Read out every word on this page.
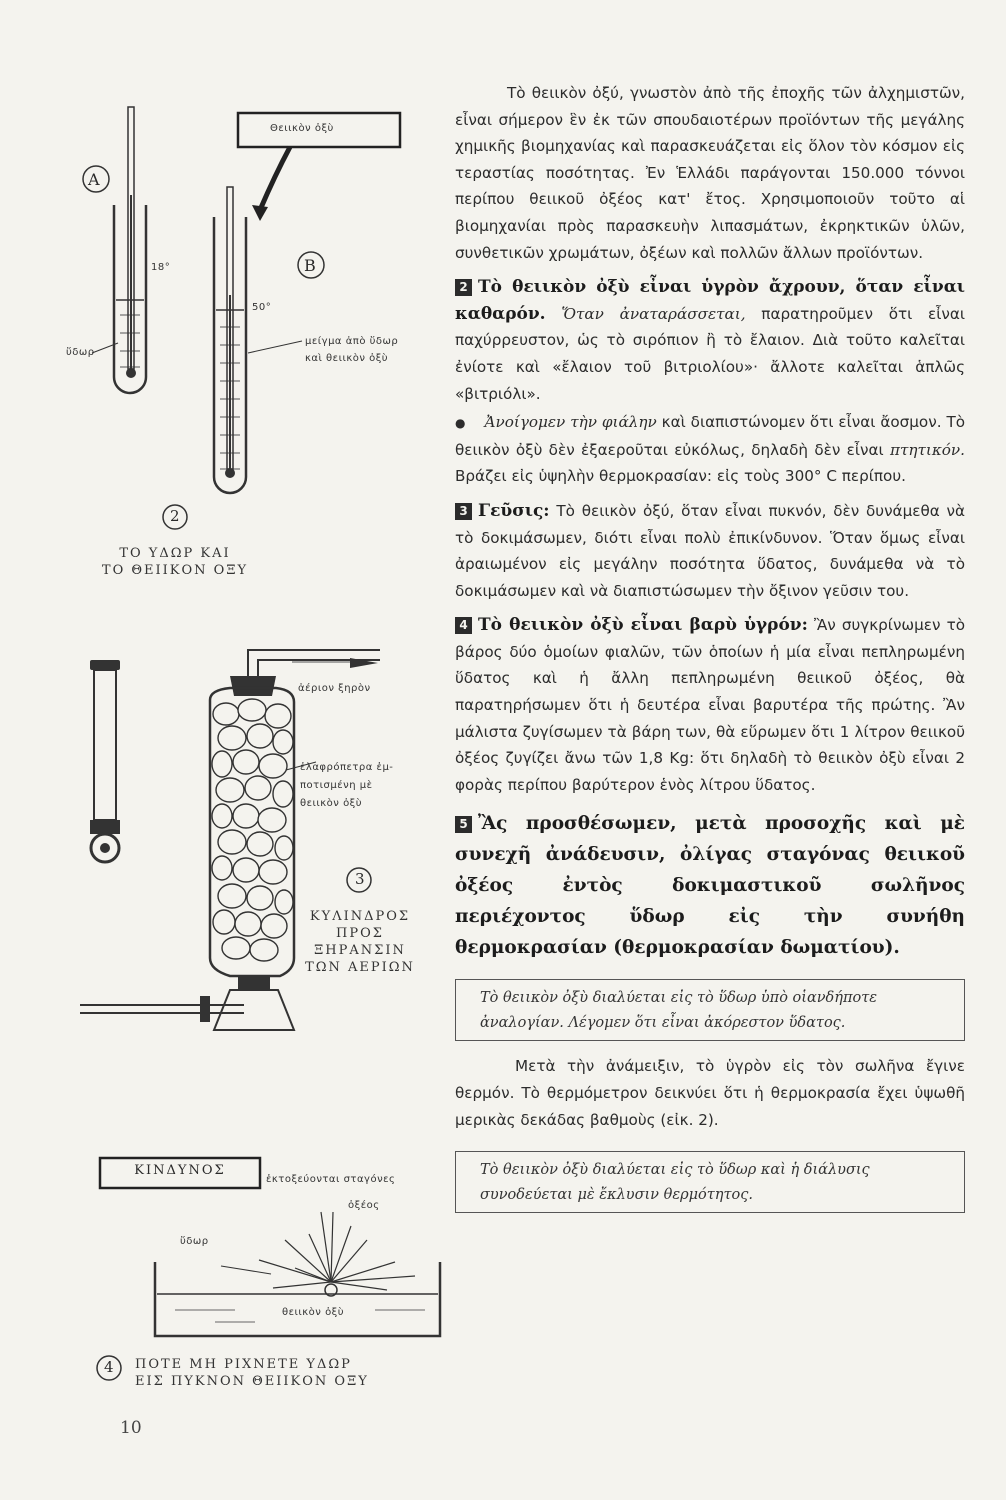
A
B
Θειικὸν ὀξὺ
18°
50°
ὕδωρ
μείγμα ἀπὸ ὕδωρ
καὶ θειικὸν ὀξὺ
2
ΤΟ ΥΔΩΡ ΚΑΙ
ΤΟ ΘΕΙΙΚΟΝ ΟΞΥ
ἀέριον ξηρὸν
ἐλαφρόπετρα ἐμ-
ποτισμένη μὲ
θειικὸν ὀξὺ
3
ΚΥΛΙΝΔΡΟΣ
ΠΡΟΣ
ΞΗΡΑΝΣΙΝ
ΤΩΝ ΑΕΡΙΩΝ
ΚΙΝΔΥΝΟΣ
ἐκτοξεύονται σταγόνες
ὀξέος
ὕδωρ
θειικὸν ὀξὺ
4 ΠΟΤΕ ΜΗ ΡΙΧΝΕΤΕ ΥΔΩΡ
ΕΙΣ ΠΥΚΝΟΝ ΘΕΙΙΚΟΝ ΟΞΥ

Τὸ θειικὸν ὀξύ, γνωστὸν ἀπὸ τῆς ἐποχῆς τῶν ἀλχημιστῶν, εἶναι σήμερον ἓν ἐκ τῶν σπουδαιοτέρων προϊόντων τῆς μεγάλης χημικῆς βιομηχανίας καὶ παρασκευάζεται εἰς ὅλον τὸν κόσμον εἰς τεραστίας ποσότητας. Ἐν Ἑλλάδι παράγονται 150.000 τόννοι περίπου θειικοῦ ὀξέος κατ' ἔτος. Χρησιμοποιοῦν τοῦτο αἱ βιομηχανίαι πρὸς παρασκευὴν λιπασμάτων, ἐκρηκτικῶν ὑλῶν, συνθετικῶν χρωμάτων, ὀξέων καὶ πολλῶν ἄλλων προϊόντων.

2 Τὸ θειικὸν ὀξὺ εἶναι ὑγρὸν ἄχρουν, ὅταν εἶναι καθαρόν. Ὅταν ἀναταράσσεται, παρατηροῦμεν ὅτι εἶναι παχύρρευστον, ὡς τὸ σιρόπιον ἢ τὸ ἔλαιον. Διὰ τοῦτο καλεῖται ἐνίοτε καὶ «ἔλαιον τοῦ βιτριολίου»· ἄλλοτε καλεῖται ἁπλῶς «βιτριόλι».

● Ἀνοίγομεν τὴν φιάλην καὶ διαπιστώνομεν ὅτι εἶναι ἄοσμον. Τὸ θειικὸν ὀξὺ δὲν ἐξαεροῦται εὐκόλως, δηλαδὴ δὲν εἶναι πτητικόν. Βράζει εἰς ὑψηλὴν θερμοκρασίαν: εἰς τοὺς 300° C περίπου.

3 Γεῦσις: Τὸ θειικὸν ὀξύ, ὅταν εἶναι πυκνόν, δὲν δυνάμεθα νὰ τὸ δοκιμάσωμεν, διότι εἶναι πολὺ ἐπικίνδυνον. Ὅταν ὅμως εἶναι ἀραιωμένον εἰς μεγάλην ποσότητα ὕδατος, δυνάμεθα νὰ τὸ δοκιμάσωμεν καὶ νὰ διαπιστώσωμεν τὴν ὄξινον γεῦσιν του.

4 Τὸ θειικὸν ὀξὺ εἶναι βαρὺ ὑγρόν: Ἂν συγκρίνωμεν τὸ βάρος δύο ὁμοίων φιαλῶν, τῶν ὁποίων ἡ μία εἶναι πεπληρωμένη ὕδατος καὶ ἡ ἄλλη πεπληρωμένη θειικοῦ ὀξέος, θὰ παρατηρήσωμεν ὅτι ἡ δευτέρα εἶναι βαρυτέρα τῆς πρώτης. Ἂν μάλιστα ζυγίσωμεν τὰ βάρη των, θὰ εὕρωμεν ὅτι 1 λίτρον θειικοῦ ὀξέος ζυγίζει ἄνω τῶν 1,8 Kg: ὅτι δηλαδὴ τὸ θειικὸν ὀξὺ εἶναι 2 φορὰς περίπου βαρύτερον ἑνὸς λίτρου ὕδατος.

5 Ἂς προσθέσωμεν, μετὰ προσοχῆς καὶ μὲ συνεχῆ ἀνάδευσιν, ὀλίγας σταγόνας θειικοῦ ὀξέος ἐντὸς δοκιμαστικοῦ σωλῆνος περιέχοντος ὕδωρ εἰς τὴν συνήθη θερμοκρασίαν (θερμοκρασίαν δωματίου).

Τὸ θειικὸν ὀξὺ διαλύεται εἰς τὸ ὕδωρ ὑπὸ οἱανδήποτε ἀναλογίαν. Λέγομεν ὅτι εἶναι ἀκόρεστον ὕδατος.

Μετὰ τὴν ἀνάμειξιν, τὸ ὑγρὸν εἰς τὸν σωλῆνα ἔγινε θερμόν. Τὸ θερμόμετρον δεικνύει ὅτι ἡ θερμοκρασία ἔχει ὑψωθῆ μερικὰς δεκάδας βαθμοὺς (εἰκ. 2).

Τὸ θειικὸν ὀξὺ διαλύεται εἰς τὸ ὕδωρ καὶ ἡ διάλυσις συνοδεύεται μὲ ἔκλυσιν θερμότητος.
10
